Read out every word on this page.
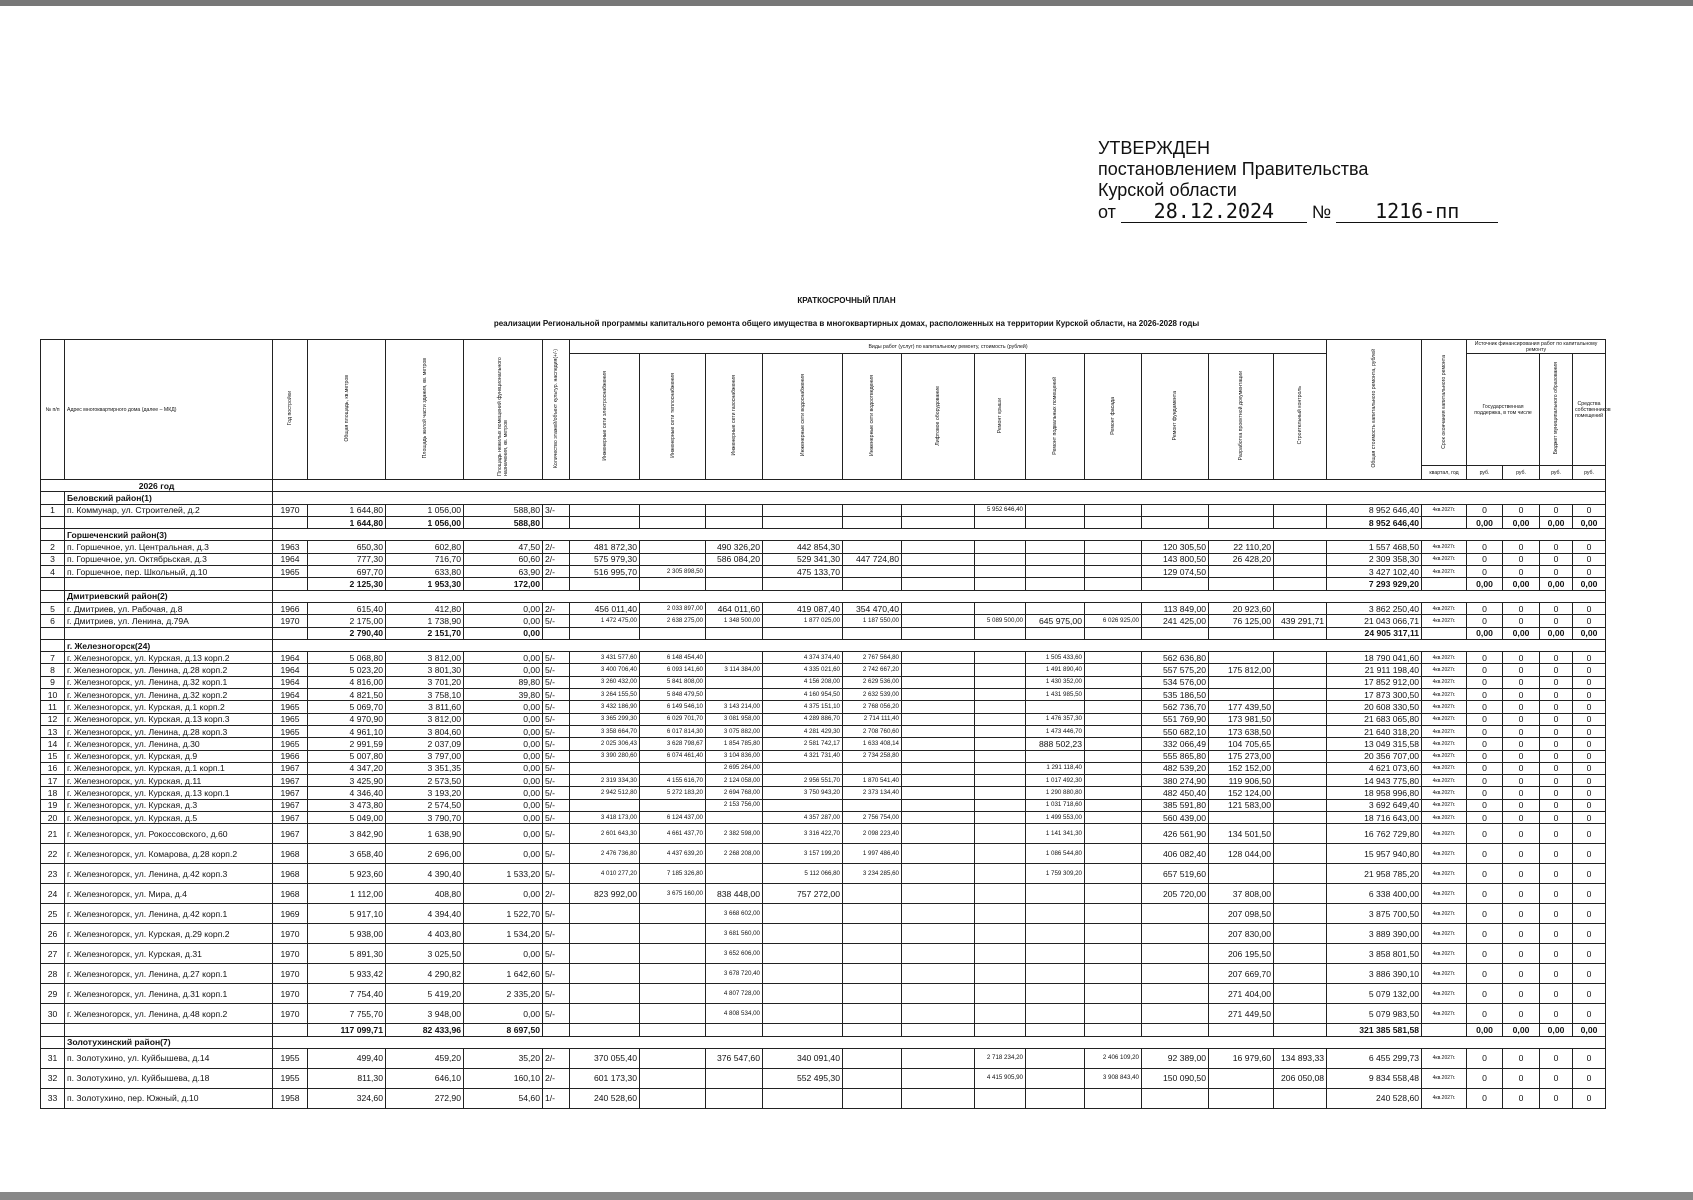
УТВЕРЖДЕН
постановлением Правительства
Курской области
от 28.12.2024 № 1216-пп
КРАТКОСРОЧНЫЙ ПЛАН
реализации Региональной программы капитального ремонта общего имущества в многоквартирных домах, расположенных на территории Курской области, на 2026-2028 годы
№ п/п	Адрес многоквартирного дома (далее – МКД)	Год постройки	Общая площадь, кв.метров	Площадь жилой части здания, кв. метров	Площадь нежилых помещений функционального назначения, кв. метров	Количество этажей/объект культур. наследия(+/-)	Виды работ (услуг) по капитальному ремонту, стоимость (рублей)												Общая стоимость капитального ремонта, рублей	Срок окончания капитального ремонта	Источник финансирования работ по капитальному ремонту			
							Инженерные сети электроснабжения	Инженерные сети теплоснабжения	Инженерные сети газоснабжения	Инженерные сети водоснабжения	Инженерные сети водоотведения	Лифтовое оборудование	Ремонт крыши	Ремонт подвальных помещений	Ремонт фасада	Ремонт фундамента	Разработка проектной документации	Строительный контроль			Государственная поддержка, в том числе		Бюджет муниципального образования	Средства собственников помещений
																				квартал, год	руб.	руб.	руб.	руб.
2026 год																								
	Беловский район(1)																							
1	п. Коммунар, ул. Строителей, д.2	1970	1 644,80	1 056,00	588,80	3/-							5 952 646,40						8 952 646,40	4кв.2027г.	0	0	0	0
			1 644,80	1 056,00	588,80														8 952 646,40		0,00	0,00	0,00	0,00
	Горшеченский район(3)																							
2	п. Горшечное, ул. Центральная, д.3	1963	650,30	602,80	47,50	2/-	481 872,30		490 326,20	442 854,30						120 305,50	22 110,20		1 557 468,50	4кв.2027г.	0	0	0	0
3	п. Горшечное, ул. Октябрьская, д.3	1964	777,30	716,70	60,60	2/-	575 979,30		586 084,20	529 341,30	447 724,80					143 800,50	26 428,20		2 309 358,30	4кв.2027г.	0	0	0	0
4	п. Горшечное, пер. Школьный, д.10	1965	697,70	633,80	63,90	2/-	516 995,70	2 305 898,50		475 133,70						129 074,50			3 427 102,40	4кв.2027г.	0	0	0	0
			2 125,30	1 953,30	172,00														7 293 929,20		0,00	0,00	0,00	0,00
	Дмитриевский район(2)																							
5	г. Дмитриев, ул. Рабочая, д.8	1966	615,40	412,80	0,00	2/-	456 011,40	2 033 897,00	464 011,60	419 087,40	354 470,40					113 849,00	20 923,60		3 862 250,40	4кв.2027г.	0	0	0	0
6	г. Дмитриев, ул. Ленина, д.79А	1970	2 175,00	1 738,90	0,00	5/-	1 472 475,00	2 638 275,00	1 348 500,00	1 877 025,00	1 187 550,00		5 089 500,00	645 975,00	6 026 925,00	241 425,00	76 125,00	439 291,71	21 043 066,71	4кв.2027г.	0	0	0	0
			2 790,40	2 151,70	0,00														24 905 317,11		0,00	0,00	0,00	0,00
	г. Железногорск(24)																							
7	г. Железногорск, ул. Курская, д.13 корп.2	1964	5 068,80	3 812,00	0,00	5/-	3 431 577,60	6 148 454,40		4 374 374,40	2 767 564,80			1 505 433,60		562 636,80			18 790 041,60	4кв.2027г.	0	0	0	0
8	г. Железногорск, ул. Ленина, д.28 корп.2	1964	5 023,20	3 801,30	0,00	5/-	3 400 706,40	6 093 141,60	3 114 384,00	4 335 021,60	2 742 667,20			1 491 890,40		557 575,20	175 812,00		21 911 198,40	4кв.2027г.	0	0	0	0
9	г. Железногорск, ул. Ленина, д.32 корп.1	1964	4 816,00	3 701,20	89,80	5/-	3 260 432,00	5 841 808,00		4 156 208,00	2 629 536,00			1 430 352,00		534 576,00			17 852 912,00	4кв.2027г.	0	0	0	0
10	г. Железногорск, ул. Ленина, д.32 корп.2	1964	4 821,50	3 758,10	39,80	5/-	3 264 155,50	5 848 479,50		4 160 954,50	2 632 539,00			1 431 985,50		535 186,50			17 873 300,50	4кв.2027г.	0	0	0	0
11	г. Железногорск, ул. Курская, д.1 корп.2	1965	5 069,70	3 811,60	0,00	5/-	3 432 186,90	6 149 546,10	3 143 214,00	4 375 151,10	2 768 056,20					562 736,70	177 439,50		20 608 330,50	4кв.2027г.	0	0	0	0
12	г. Железногорск, ул. Курская, д.13 корп.3	1965	4 970,90	3 812,00	0,00	5/-	3 365 299,30	6 029 701,70	3 081 958,00	4 289 886,70	2 714 111,40			1 476 357,30		551 769,90	173 981,50		21 683 065,80	4кв.2027г.	0	0	0	0
13	г. Железногорск, ул. Ленина, д.28 корп.3	1965	4 961,10	3 804,60	0,00	5/-	3 358 664,70	6 017 814,30	3 075 882,00	4 281 429,30	2 708 760,60			1 473 446,70		550 682,10	173 638,50		21 640 318,20	4кв.2027г.	0	0	0	0
14	г. Железногорск, ул. Ленина, д.30	1965	2 991,59	2 037,09	0,00	5/-	2 025 306,43	3 628 798,67	1 854 785,80	2 581 742,17	1 633 408,14			888 502,23		332 066,49	104 705,65		13 049 315,58	4кв.2027г.	0	0	0	0
15	г. Железногорск, ул. Курская, д.9	1966	5 007,80	3 797,00	0,00	5/-	3 390 280,60	6 074 461,40	3 104 836,00	4 321 731,40	2 734 258,80					555 865,80	175 273,00		20 356 707,00	4кв.2027г.	0	0	0	0
16	г. Железногорск, ул. Курская, д.1 корп.1	1967	4 347,20	3 351,35	0,00	5/-			2 695 264,00					1 291 118,40		482 539,20	152 152,00		4 621 073,60	4кв.2027г.	0	0	0	0
17	г. Железногорск, ул. Курская, д.11	1967	3 425,90	2 573,50	0,00	5/-	2 319 334,30	4 155 616,70	2 124 058,00	2 956 551,70	1 870 541,40			1 017 492,30		380 274,90	119 906,50		14 943 775,80	4кв.2027г.	0	0	0	0
18	г. Железногорск, ул. Курская, д.13 корп.1	1967	4 346,40	3 193,20	0,00	5/-	2 942 512,80	5 272 183,20	2 694 768,00	3 750 943,20	2 373 134,40			1 290 880,80		482 450,40	152 124,00		18 958 996,80	4кв.2027г.	0	0	0	0
19	г. Железногорск, ул. Курская, д.3	1967	3 473,80	2 574,50	0,00	5/-			2 153 756,00					1 031 718,60		385 591,80	121 583,00		3 692 649,40	4кв.2027г.	0	0	0	0
20	г. Железногорск, ул. Курская, д.5	1967	5 049,00	3 790,70	0,00	5/-	3 418 173,00	6 124 437,00		4 357 287,00	2 756 754,00			1 499 553,00		560 439,00			18 716 643,00	4кв.2027г.	0	0	0	0
21	г. Железногорск, ул. Рокоссовского, д.60	1967	3 842,90	1 638,90	0,00	5/-	2 601 643,30	4 661 437,70	2 382 598,00	3 316 422,70	2 098 223,40			1 141 341,30		426 561,90	134 501,50		16 762 729,80	4кв.2027г.	0	0	0	0
22	г. Железногорск, ул. Комарова, д.28 корп.2	1968	3 658,40	2 696,00	0,00	5/-	2 476 736,80	4 437 639,20	2 268 208,00	3 157 199,20	1 997 486,40			1 086 544,80		406 082,40	128 044,00		15 957 940,80	4кв.2027г.	0	0	0	0
23	г. Железногорск, ул. Ленина, д.42 корп.3	1968	5 923,60	4 390,40	1 533,20	5/-	4 010 277,20	7 185 326,80		5 112 066,80	3 234 285,60			1 759 309,20		657 519,60			21 958 785,20	4кв.2027г.	0	0	0	0
24	г. Железногорск, ул. Мира, д.4	1968	1 112,00	408,80	0,00	2/-	823 992,00	3 675 160,00	838 448,00	757 272,00						205 720,00	37 808,00		6 338 400,00	4кв.2027г.	0	0	0	0
25	г. Железногорск, ул. Ленина, д.42 корп.1	1969	5 917,10	4 394,40	1 522,70	5/-			3 668 602,00								207 098,50		3 875 700,50	4кв.2027г.	0	0	0	0
26	г. Железногорск, ул. Курская, д.29 корп.2	1970	5 938,00	4 403,80	1 534,20	5/-			3 681 560,00								207 830,00		3 889 390,00	4кв.2027г.	0	0	0	0
27	г. Железногорск, ул. Курская, д.31	1970	5 891,30	3 025,50	0,00	5/-			3 652 606,00								206 195,50		3 858 801,50	4кв.2027г.	0	0	0	0
28	г. Железногорск, ул. Ленина, д.27 корп.1	1970	5 933,42	4 290,82	1 642,60	5/-			3 678 720,40								207 669,70		3 886 390,10	4кв.2027г.	0	0	0	0
29	г. Железногорск, ул. Ленина, д.31 корп.1	1970	7 754,40	5 419,20	2 335,20	5/-			4 807 728,00								271 404,00		5 079 132,00	4кв.2027г.	0	0	0	0
30	г. Железногорск, ул. Ленина, д.48 корп.2	1970	7 755,70	3 948,00	0,00	5/-			4 808 534,00								271 449,50		5 079 983,50	4кв.2027г.	0	0	0	0
			117 099,71	82 433,96	8 697,50														321 385 581,58		0,00	0,00	0,00	0,00
	Золотухинский район(7)																							
31	п. Золотухино, ул. Куйбышева, д.14	1955	499,40	459,20	35,20	2/-	370 055,40		376 547,60	340 091,40			2 718 234,20		2 406 109,20	92 389,00	16 979,60	134 893,33	6 455 299,73	4кв.2027г.	0	0	0	0
32	п. Золотухино, ул. Куйбышева, д.18	1955	811,30	646,10	160,10	2/-	601 173,30			552 495,30			4 415 905,90		3 908 843,40	150 090,50		206 050,08	9 834 558,48	4кв.2027г.	0	0	0	0
33	п. Золотухино, пер. Южный, д.10	1958	324,60	272,90	54,60	1/-	240 528,60												240 528,60	4кв.2027г.	0	0	0	0
